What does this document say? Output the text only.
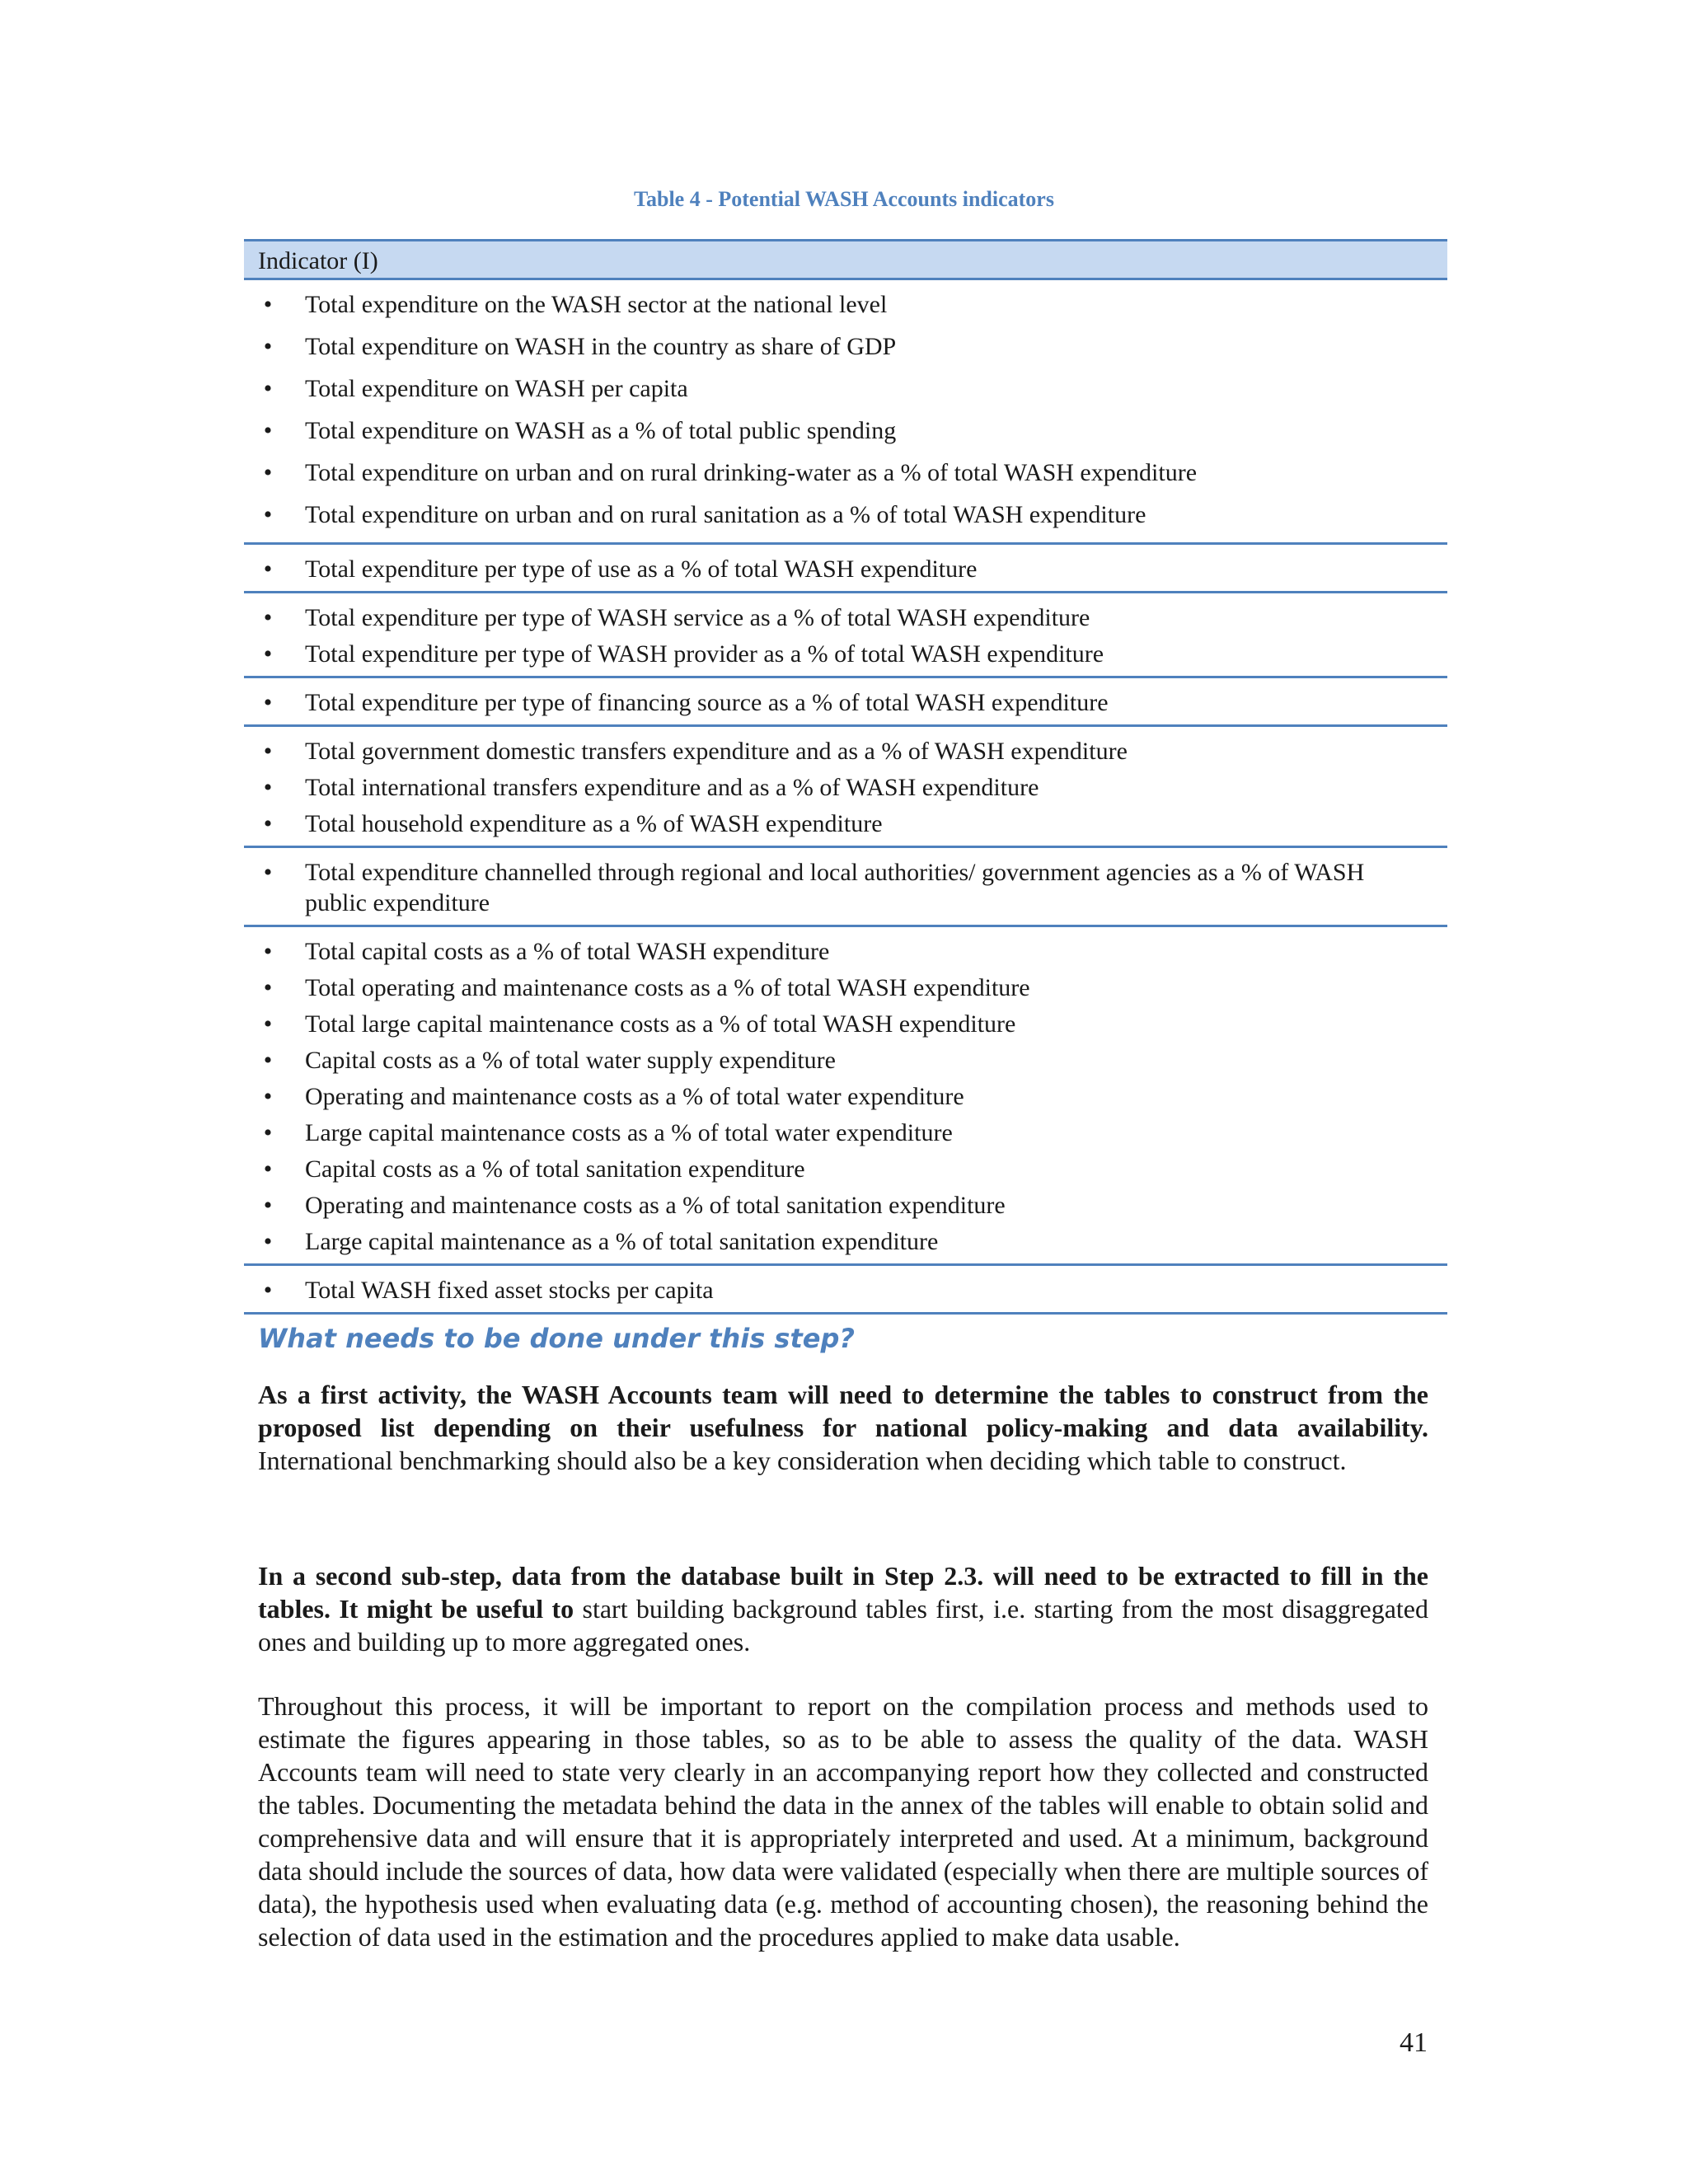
Table 4 - Potential WASH Accounts indicators
Indicator (I)
•	Total expenditure on the WASH sector at the national level
•	Total expenditure on WASH in the country as share of GDP
•	Total expenditure on WASH per capita
•	Total expenditure on WASH as a % of total public spending
•	Total expenditure on urban and on rural drinking-water as a % of total WASH expenditure
•	Total expenditure on urban and on rural sanitation as a % of total WASH expenditure
•	Total expenditure per type of use as a % of total WASH expenditure
•	Total expenditure per type of WASH service as a % of total WASH expenditure
•	Total expenditure per type of WASH provider as a % of total WASH expenditure
•	Total expenditure per type of financing source as a % of total WASH expenditure
•	Total government domestic transfers expenditure and as a % of WASH expenditure
•	Total international transfers expenditure and as a % of WASH expenditure
•	Total household expenditure as a % of WASH expenditure
•	Total expenditure channelled through regional and local authorities/ government agencies as a % of WASH public expenditure
•	Total capital costs as a % of total WASH expenditure
•	Total operating and maintenance costs as a % of total WASH expenditure
•	Total large capital maintenance costs as a % of total WASH expenditure
•	Capital costs as a % of total water supply expenditure
•	Operating and maintenance costs as a % of total water expenditure
•	Large capital maintenance costs as a % of total water expenditure
•	Capital costs as a % of total sanitation expenditure
•	Operating and maintenance costs as a % of total sanitation expenditure
•	Large capital maintenance as a % of total sanitation expenditure
•	Total WASH fixed asset stocks per capita
What needs to be done under this step?

As a first activity, the WASH Accounts team will need to determine the tables to construct from the proposed list depending on their usefulness for national policy-making and data availability. International benchmarking should also be a key consideration when deciding which table to construct.

In a second sub-step, data from the database built in Step 2.3. will need to be extracted to fill in the tables. It might be useful to start building background tables first, i.e. starting from the most disaggregated ones and building up to more aggregated ones.

Throughout this process, it will be important to report on the compilation process and methods used to estimate the figures appearing in those tables, so as to be able to assess the quality of the data. WASH Accounts team will need to state very clearly in an accompanying report how they collected and constructed the tables. Documenting the metadata behind the data in the annex of the tables will enable to obtain solid and comprehensive data and will ensure that it is appropriately interpreted and used. At a minimum, background data should include the sources of data, how data were validated (especially when there are multiple sources of data), the hypothesis used when evaluating data (e.g. method of accounting chosen), the reasoning behind the selection of data used in the estimation and the procedures applied to make data usable.

41
